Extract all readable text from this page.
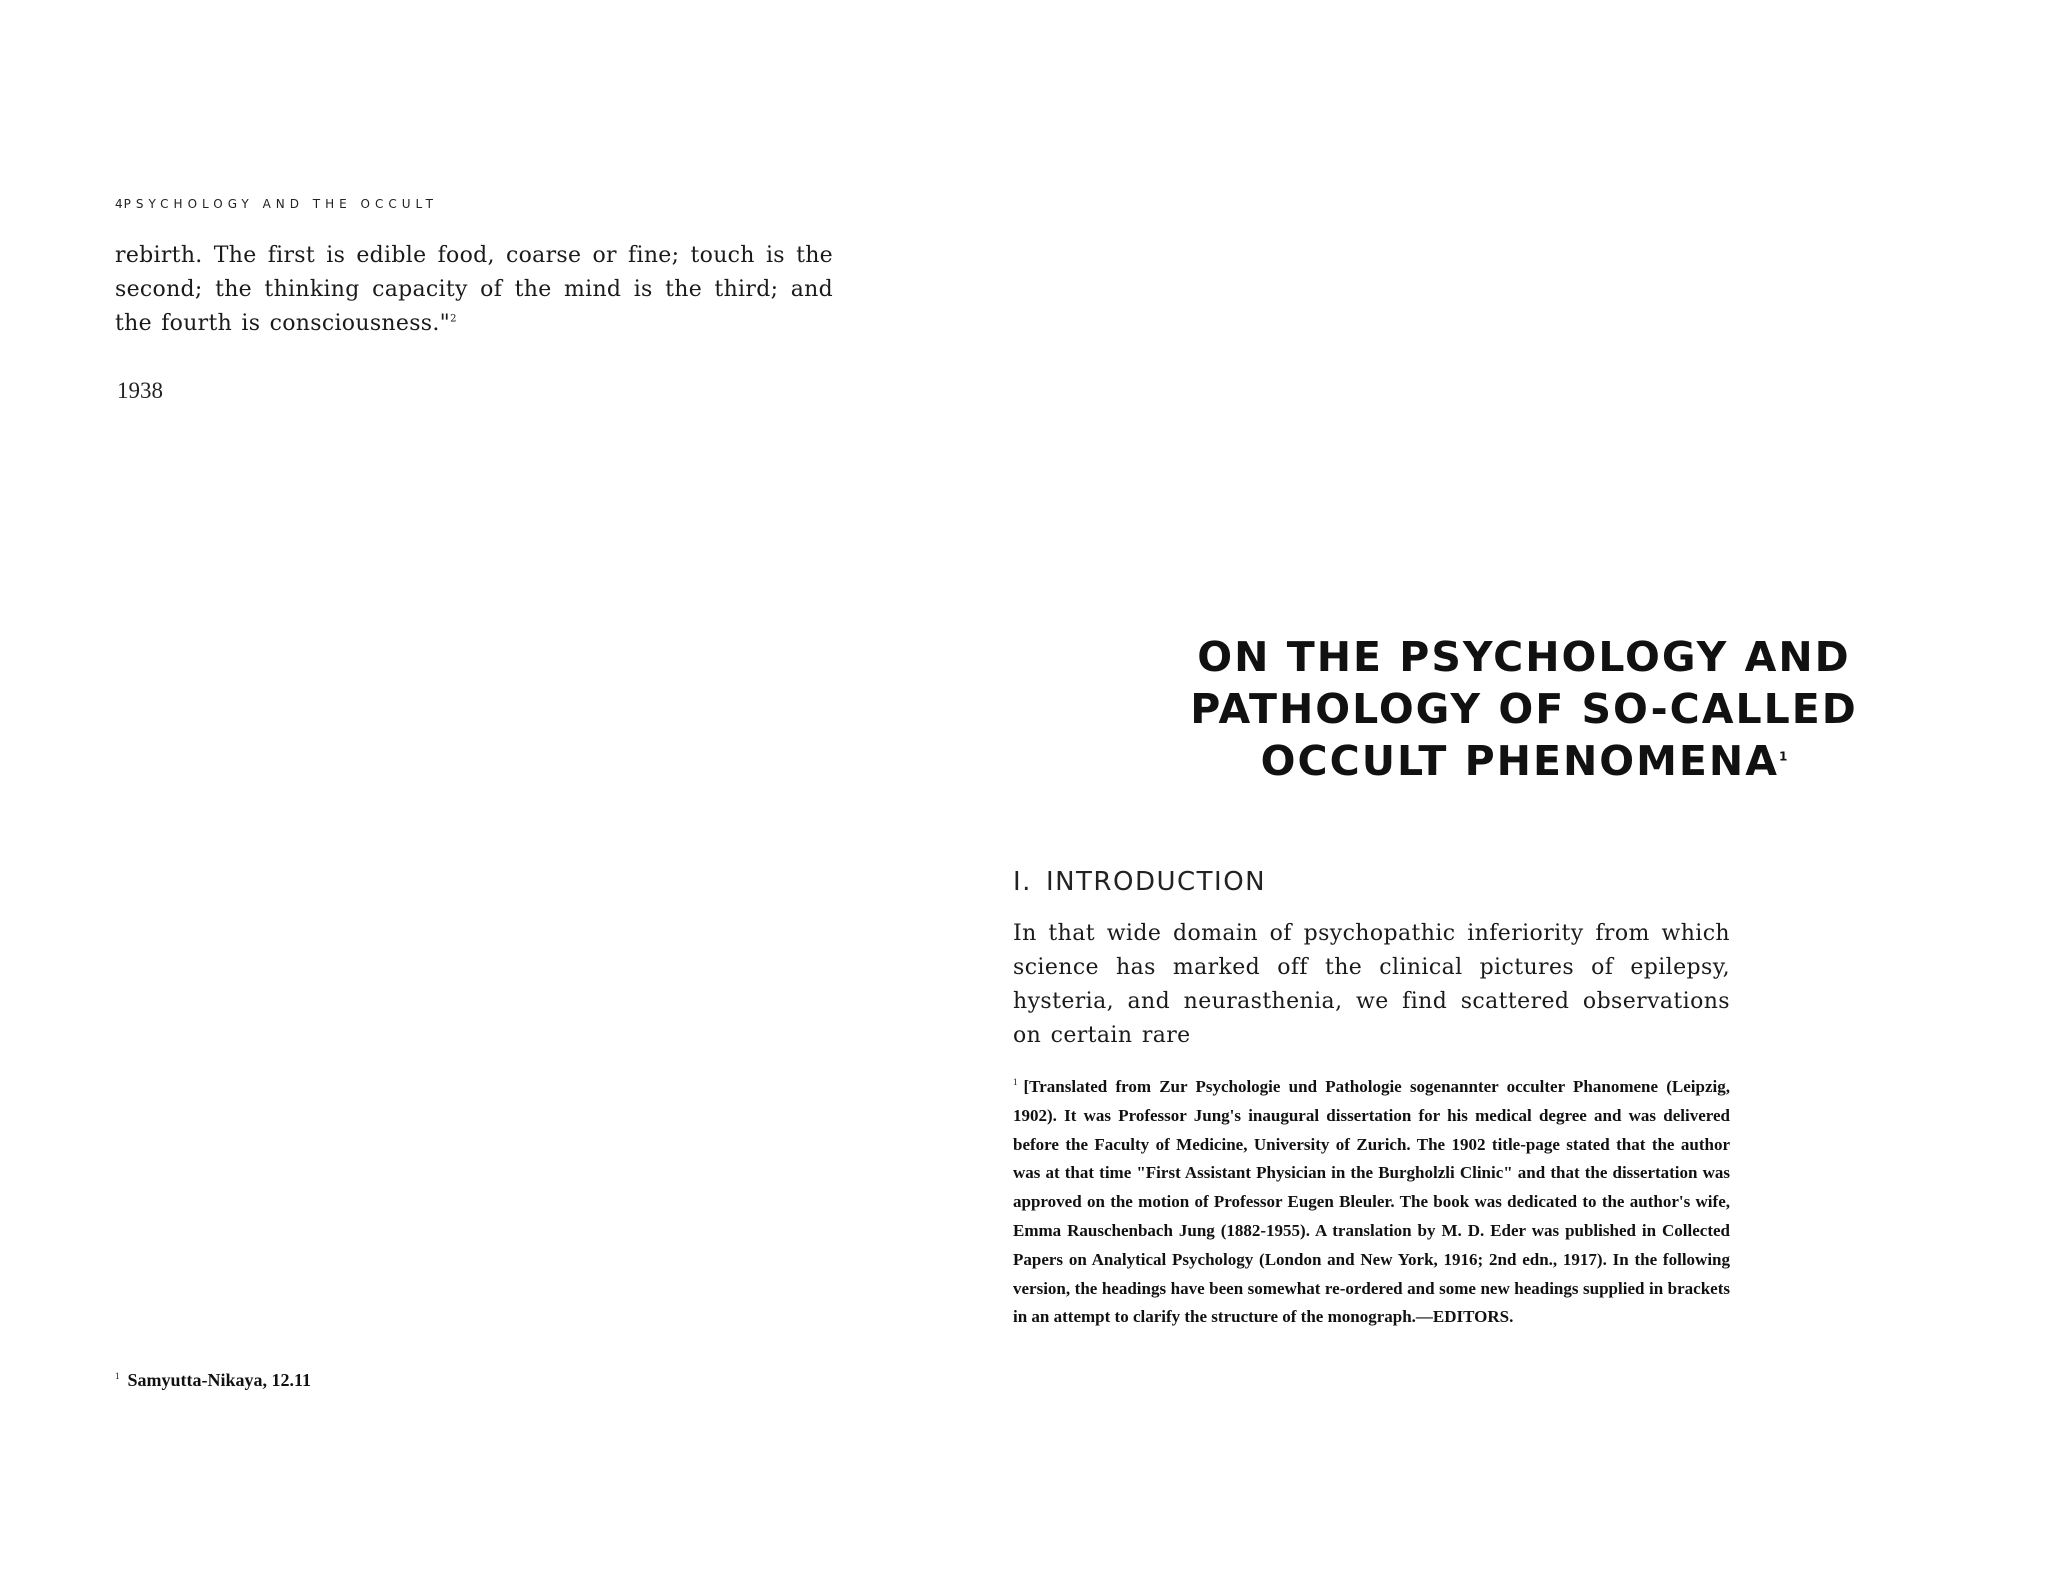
4PSYCHOLOGY AND THE OCCULT

rebirth. The first is edible food, coarse or fine; touch is the second; the thinking capacity of the mind is the third; and the fourth is consciousness."$^2$

1938

$^1$ Samyutta-Nikaya, 12.11
ON THE PSYCHOLOGY AND
PATHOLOGY OF SO-CALLED
OCCULT PHENOMENA$^1$
I. INTRODUCTION

In that wide domain of psychopathic inferiority from which science has marked off the clinical pictures of epilepsy, hysteria, and neurasthenia, we find scattered observations on certain rare

$^1$ [Translated from Zur Psychologie und Pathologie sogenannter occulter Phanomene (Leipzig, 1902). It was Professor Jung's inaugural dissertation for his medical degree and was delivered before the Faculty of Medicine, University of Zurich. The 1902 title-page stated that the author was at that time "First Assistant Physician in the Burgholzli Clinic" and that the dissertation was approved on the motion of Professor Eugen Bleuler. The book was dedicated to the author's wife, Emma Rauschenbach Jung (1882-1955). A translation by M. D. Eder was published in Collected Papers on Analytical Psychology (London and New York, 1916; 2nd edn., 1917). In the following version, the headings have been somewhat re-ordered and some new headings supplied in brackets in an attempt to clarify the structure of the monograph.—EDITORS.
